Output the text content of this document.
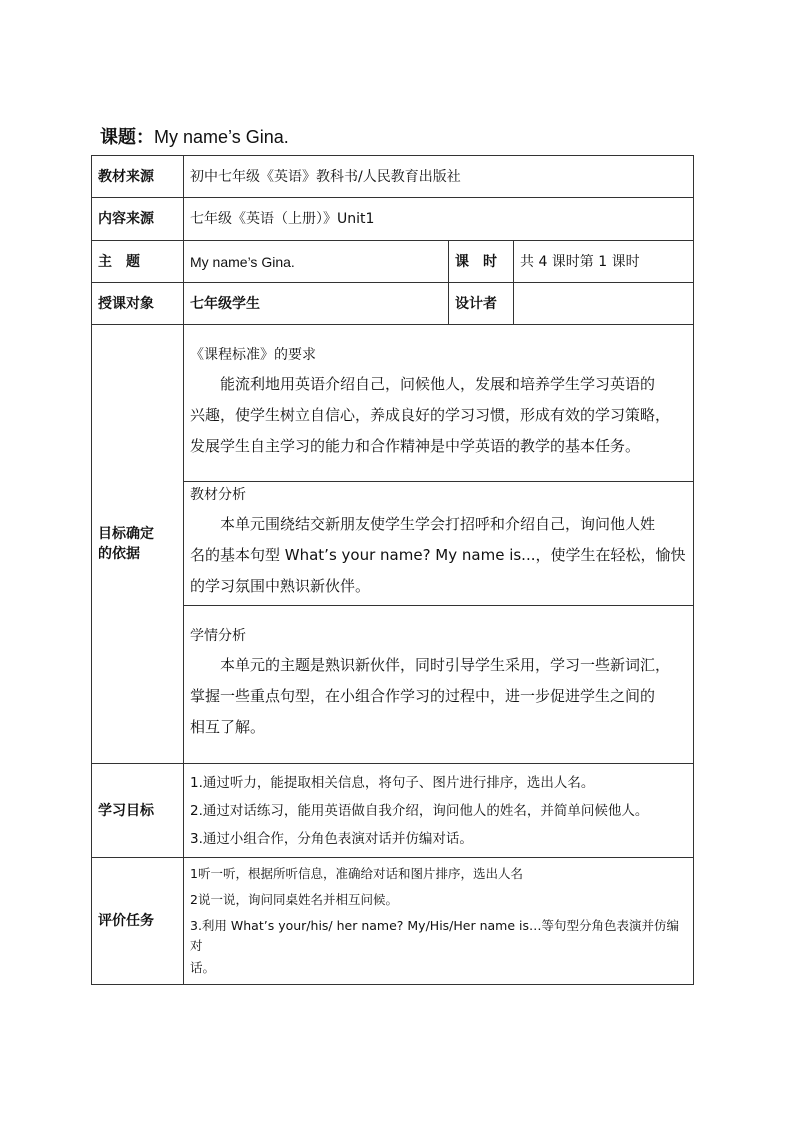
课题：My name’s Gina.
教材来源	初中七年级《英语》教科书/人民教育出版社		
内容来源	七年级《英语（上册）》Unit1		
主　题	My name’s Gina.	课　时	共 4 课时第 1 课时
授课对象	七年级学生	设计者	
目标确定
的依据	《课程标准》的要求
能流利地用英语介绍自己，问候他人，发展和培养学生学习英语的
兴趣，使学生树立自信心，养成良好的学习习惯，形成有效的学习策略，
发展学生自主学习的能力和合作精神是中学英语的教学的基本任务。		

	教材分析
本单元围绕结交新朋友使学生学会打招呼和介绍自己，询问他人姓
名的基本句型 What’s your name? My name is...，使学生在轻松，愉快
的学习氛围中熟识新伙伴。		

	学情分析
本单元的主题是熟识新伙伴，同时引导学生采用，学习一些新词汇，
掌握一些重点句型，在小组合作学习的过程中，进一步促进学生之间的
相互了解。		

学习目标	1.通过听力，能提取相关信息，将句子、图片进行排序，选出人名。
2.通过对话练习，能用英语做自我介绍，询问他人的姓名，并简单问候他人。
3.通过小组合作，分角色表演对话并仿编对话。		

评价任务	1听一听，根据所听信息，准确给对话和图片排序，选出人名
2说一说，询问同桌姓名并相互问候。
3.利用 What’s your/his/ her name? My/His/Her name is…等句型分角色表演并仿编对
话。		
